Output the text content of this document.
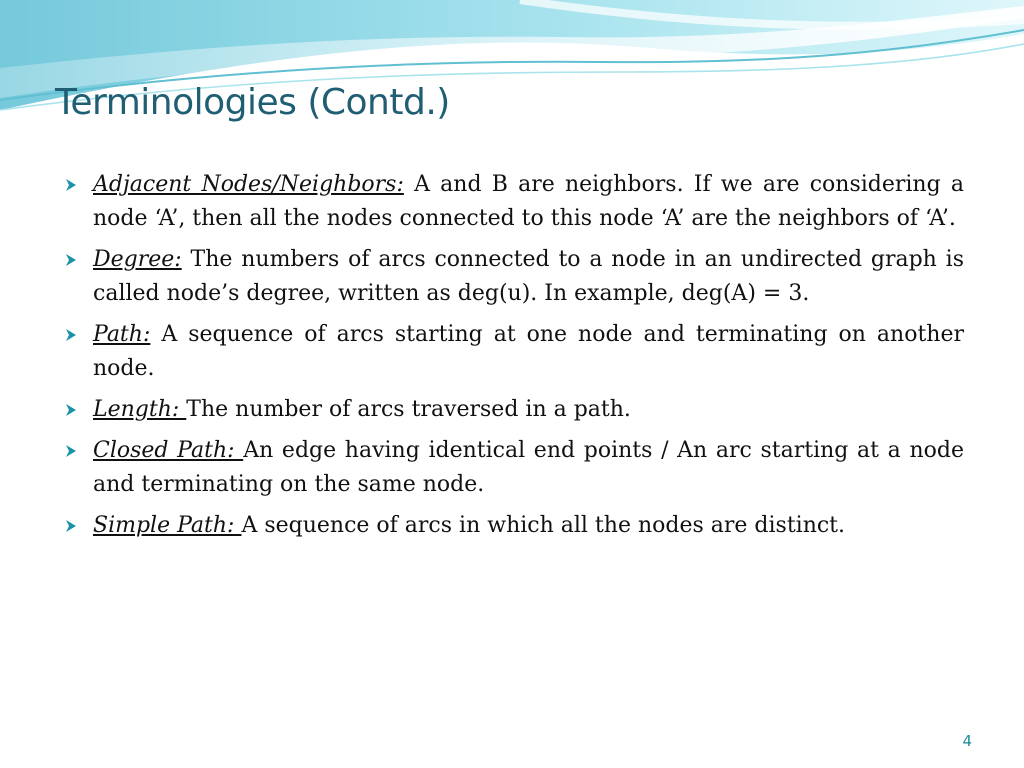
Terminologies (Contd.)
Adjacent Nodes/Neighbors: A and B are neighbors. If we are considering a node ‘A’, then all the nodes connected to this node ‘A’ are the neighbors of ‘A’.
Degree: The numbers of arcs connected to a node in an undirected graph is called node’s degree, written as deg(u). In example, deg(A) = 3.
Path: A sequence of arcs starting at one node and terminating on another node.
Length: The number of arcs traversed in a path.
Closed Path: An edge having identical end points / An arc starting at a node and terminating on the same node.
Simple Path: A sequence of arcs in which all the nodes are distinct.
4
